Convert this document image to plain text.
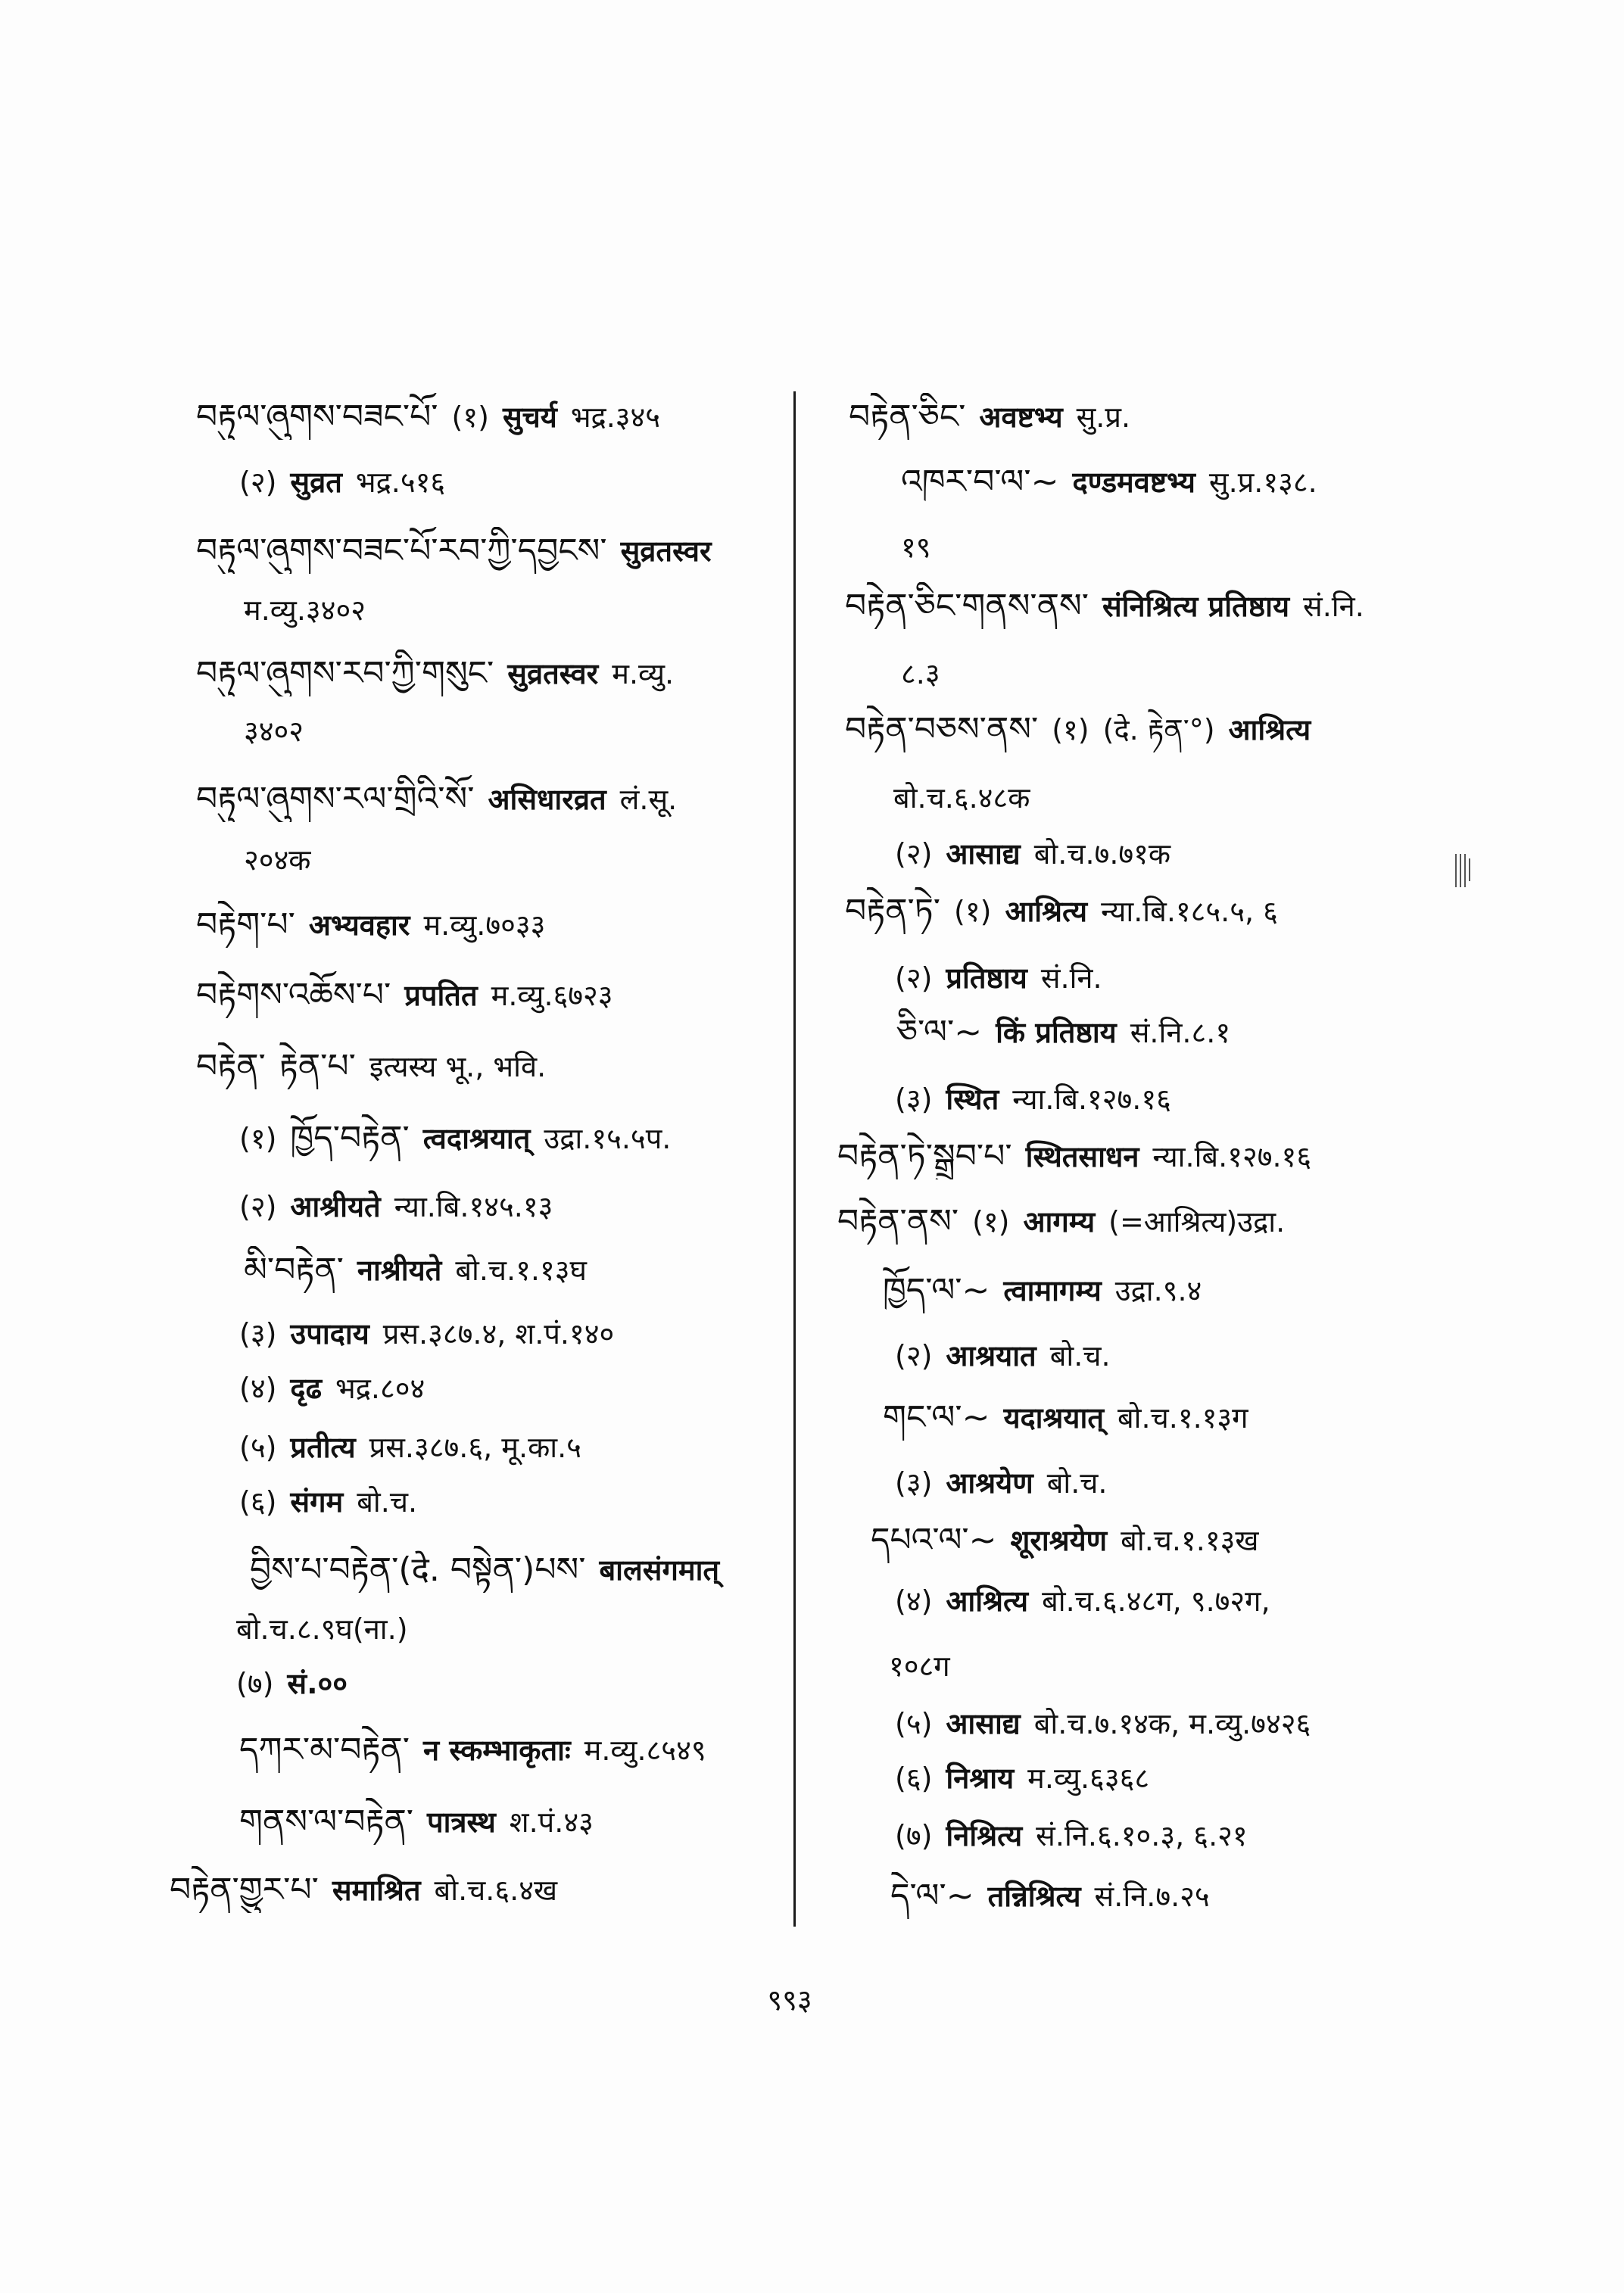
९९३
བརྟུལ་ཞུགས་བཟང་པོ་ (१) सुचर्य भद्र.३४५
(२) सुव्रत भद्र.५१६
བརྟུལ་ཞུགས་བཟང་པོ་རབ་ཀྱི་དབྱངས་ सुव्रतस्वर
म.व्यु.३४०२
བརྟུལ་ཞུགས་རབ་ཀྱི་གསུང་ सुव्रतस्वर म.व्यु.
३४०२
བརྟུལ་ཞུགས་རལ་གྲིའི་སོ་ असिधारव्रत लं.सू.
२०४क
བརྟེག་པ་ अभ्यवहार म.व्यु.७०३३
བརྟེགས་འཆོས་པ་ प्रपतित म.व्यु.६७२३
བརྟེན་ རྟེན་པ་ इत्यस्य भू., भवि.
(१) ཁྱོད་བརྟེན་ त्वदाश्रयात् उद्रा.१५.५प.
(२) आश्रीयते न्या.बि.१४५.१३
མི་བརྟེན་ नाश्रीयते बो.च.१.१३घ
(३) उपादाय प्रस.३८७.४, श.पं.१४०
(४) दृढ भद्र.८०४
(५) प्रतीत्य प्रस.३८७.६, मू.का.५
(६) संगम बो.च.
བྱིས་པ་བརྟེན་(दे. བསྟེན་)པས་ बालसंगमात्
बो.च.८.९घ(ना.)
(७) सं.००
དཀར་མ་བརྟེན་ न स्कम्भाकृताः म.व्यु.८५४९
གནས་ལ་བརྟེན་ पात्रस्थ श.पं.४३
བརྟེན་གྱུར་པ་ समाश्रित बो.च.६.४ख
བརྟེན་ཅིང་ अवष्टभ्य सु.प्र.
འཁར་བ་ལ་~ दण्डमवष्टभ्य सु.प्र.१३८.
१९
བརྟེན་ཅིང་གནས་ནས་ संनिश्रित्य प्रतिष्ठाय सं.नि.
८.३
བརྟེན་བཅས་ནས་ (१) (दे. རྟེན་°) आश्रित्य
बो.च.६.४८क
(२) आसाद्य बो.च.७.७१क
བརྟེན་ཏེ་ (१) आश्रित्य न्या.बि.१८५.५, ६
(२) प्रतिष्ठाय सं.नि.
ཅི་ལ་~ किं प्रतिष्ठाय सं.नि.८.१
(३) स्थित न्या.बि.१२७.१६
བརྟེན་ཏེ་སྒྲུབ་པ་ स्थितसाधन न्या.बि.१२७.१६
བརྟེན་ནས་ (१) आगम्य (=आश्रित्य)उद्रा.
ཁྱོད་ལ་~ त्वामागम्य उद्रा.९.४
(२) आश्रयात बो.च.
གང་ལ་~ यदाश्रयात् बो.च.१.१३ग
(३) आश्रयेण बो.च.
དཔའ་ལ་~ शूराश्रयेण बो.च.१.१३ख
(४) आश्रित्य बो.च.६.४८ग, ९.७२ग,
१०८ग
(५) आसाद्य बो.च.७.१४क, म.व्यु.७४२६
(६) निश्राय म.व्यु.६३६८
(७) निश्रित्य सं.नि.६.१०.३, ६.२१
དེ་ལ་~ तन्निश्रित्य सं.नि.७.२५
